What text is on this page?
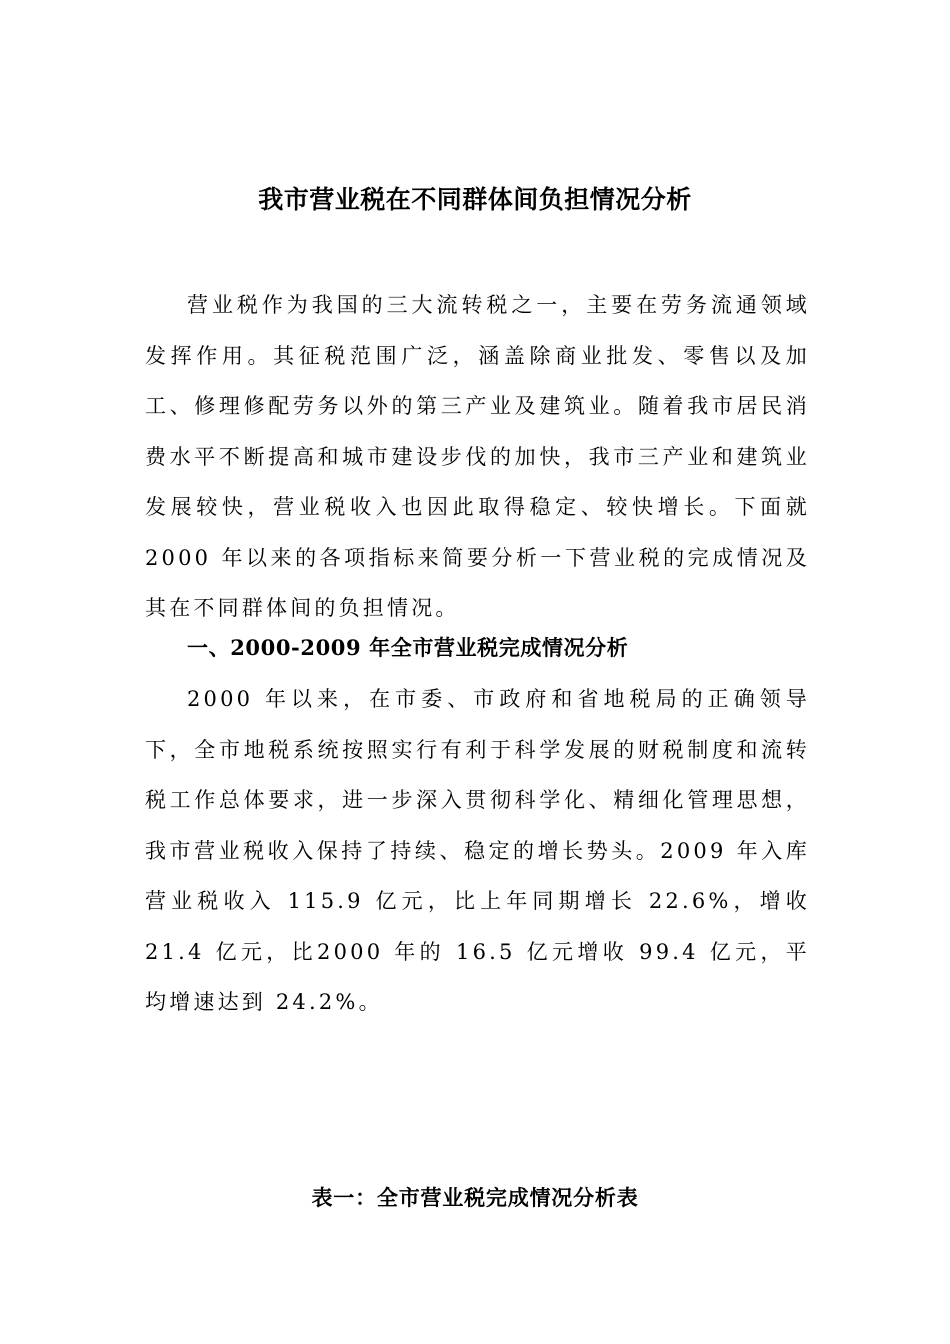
我市营业税在不同群体间负担情况分析

营业税作为我国的三大流转税之一，主要在劳务流通领域发挥作用。其征税范围广泛，涵盖除商业批发、零售以及加工、修理修配劳务以外的第三产业及建筑业。随着我市居民消费水平不断提高和城市建设步伐的加快，我市三产业和建筑业发展较快，营业税收入也因此取得稳定、较快增长。下面就 2000 年以来的各项指标来简要分析一下营业税的完成情况及其在不同群体间的负担情况。

一、2000-2009 年全市营业税完成情况分析

2000 年以来，在市委、市政府和省地税局的正确领导下，全市地税系统按照实行有利于科学发展的财税制度和流转税工作总体要求，进一步深入贯彻科学化、精细化管理思想，我市营业税收入保持了持续、稳定的增长势头。2009 年入库营业税收入 115.9 亿元，比上年同期增长 22.6%，增收 21.4 亿元，比2000 年的 16.5 亿元增收 99.4 亿元，平均增速达到 24.2%。

表一：全市营业税完成情况分析表
